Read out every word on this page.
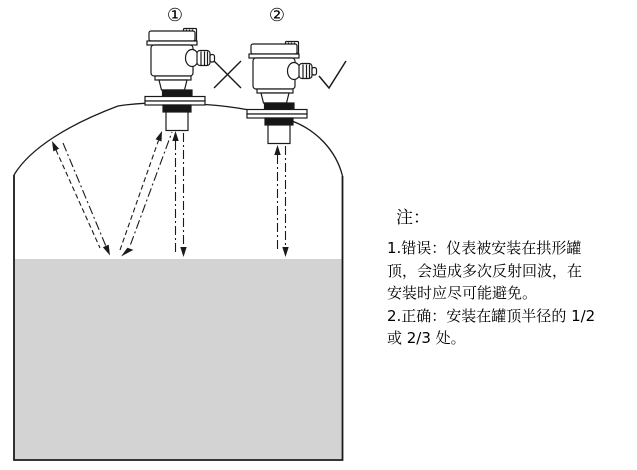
①	②
注：
1.错误：仪表被安装在拱形罐
顶，会造成多次反射回波，在
安装时应尽可能避免。
2.正确：安装在罐顶半径的 1/2
或 2/3 处。
